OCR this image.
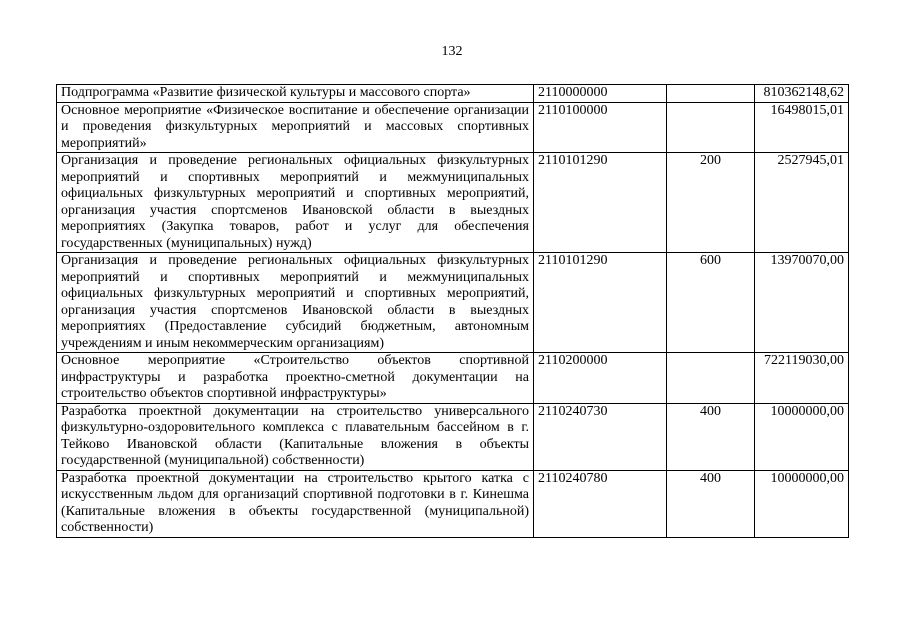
132
Подпрограмма «Развитие физической культуры и массового спорта»	2110000000		810362148,62
Основное мероприятие «Физическое воспитание и обеспечение организации и проведения физкультурных мероприятий и массовых спортивных мероприятий»	2110100000		16498015,01
Организация и проведение региональных официальных физкультурных мероприятий и спортивных мероприятий и межмуниципальных официальных физкультурных мероприятий и спортивных мероприятий, организация участия спортсменов Ивановской области в выездных мероприятиях (Закупка товаров, работ и услуг для обеспечения государственных (муниципальных) нужд)	2110101290	200	2527945,01
Организация и проведение региональных официальных физкультурных мероприятий и спортивных мероприятий и межмуниципальных официальных физкультурных мероприятий и спортивных мероприятий, организация участия спортсменов Ивановской области в выездных мероприятиях (Предоставление субсидий бюджетным, автономным учреждениям и иным некоммерческим организациям)	2110101290	600	13970070,00
Основное мероприятие «Строительство объектов спортивной инфраструктуры и разработка проектно-сметной документации на строительство объектов спортивной инфраструктуры»	2110200000		722119030,00
Разработка проектной документации на строительство универсального физкультурно-оздоровительного комплекса с плавательным бассейном в г. Тейково Ивановской области (Капитальные вложения в объекты государственной (муниципальной) собственности)	2110240730	400	10000000,00
Разработка проектной документации на строительство крытого катка с искусственным льдом для организаций спортивной подготовки в г. Кинешма (Капитальные вложения в объекты государственной (муниципальной) собственности)	2110240780	400	10000000,00
